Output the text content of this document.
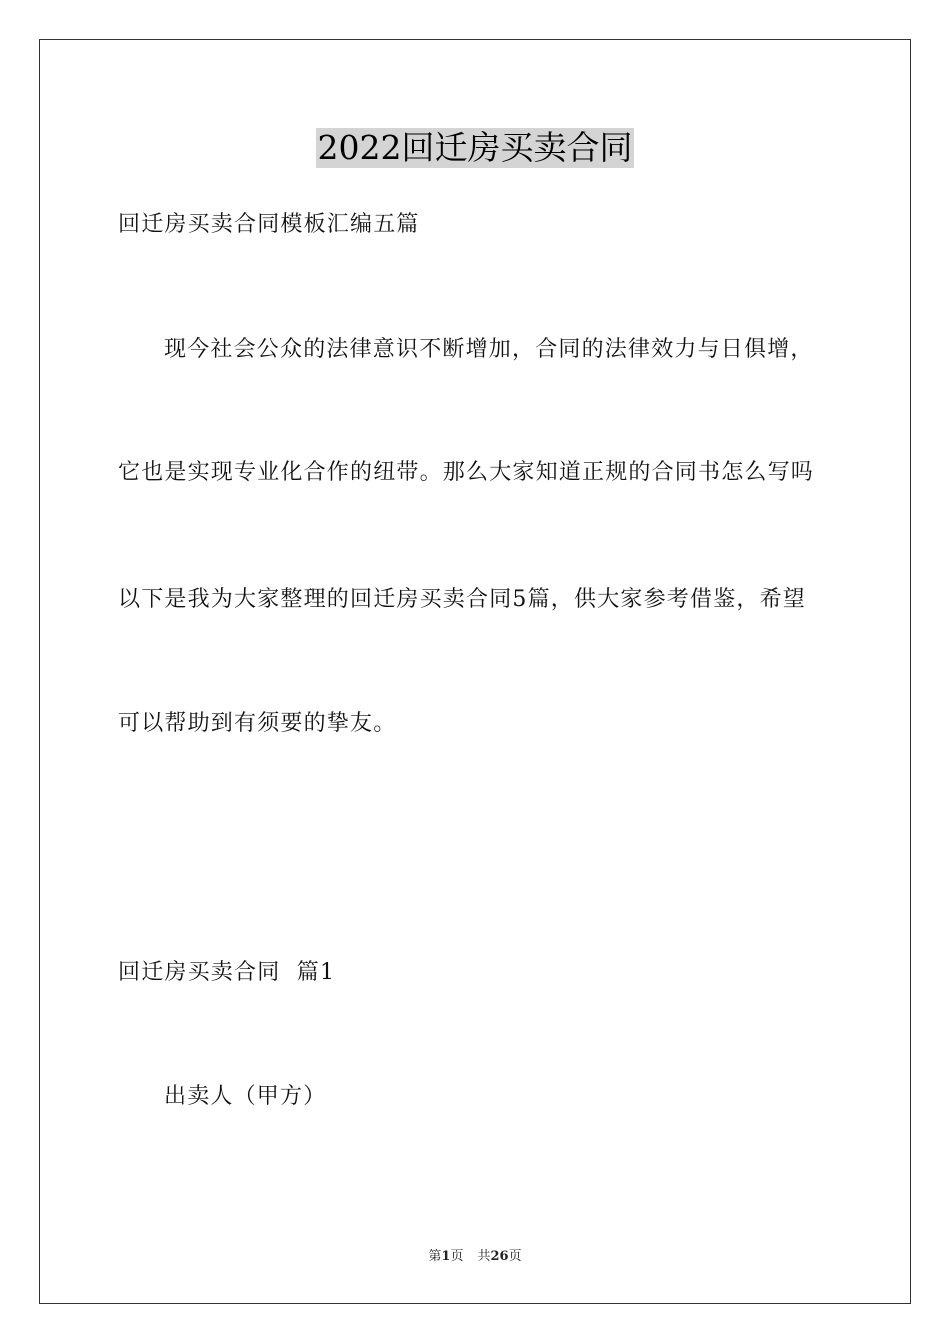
2022回迁房买卖合同
回迁房买卖合同模板汇编五篇
现今社会公众的法律意识不断增加，合同的法律效力与日俱增，
它也是实现专业化合作的纽带。那么大家知道正规的合同书怎么写吗
以下是我为大家整理的回迁房买卖合同5篇，供大家参考借鉴，希望
可以帮助到有须要的挚友。
回迁房买卖合同  篇1
出卖人（甲方）
第1页 共26页
